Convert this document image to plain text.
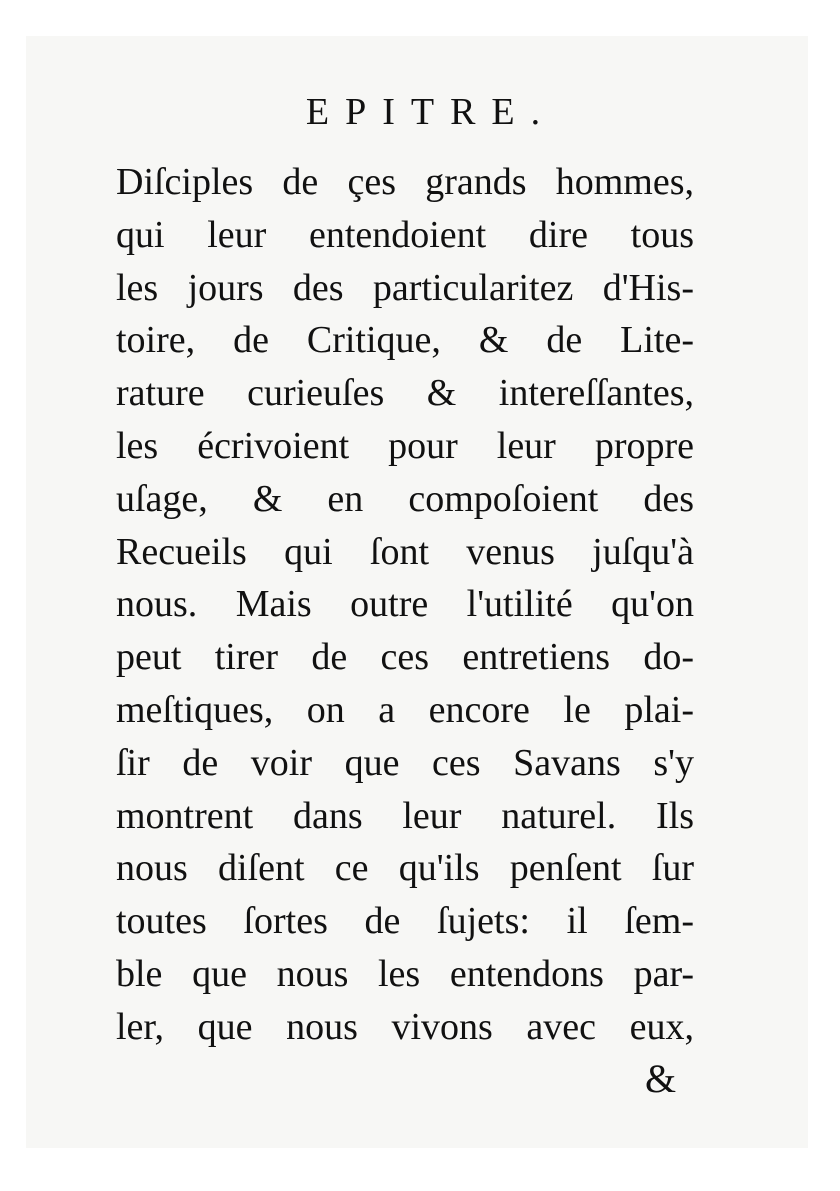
EPITRE.
Diſciples de çes grands hommes,
qui leur entendoient dire tous
les jours des particularitez d'His-
toire, de Critique, & de Lite-
rature curieuſes & intereſſantes,
les écrivoient pour leur propre
uſage, & en compoſoient des
Recueils qui ſont venus juſqu'à
nous. Mais outre l'utilité qu'on
peut tirer de ces entretiens do-
meſtiques, on a encore le plai-
ſir de voir que ces Savans s'y
montrent dans leur naturel. Ils
nous diſent ce qu'ils penſent ſur
toutes ſortes de ſujets: il ſem-
ble que nous les entendons par-
ler, que nous vivons avec eux,
&
